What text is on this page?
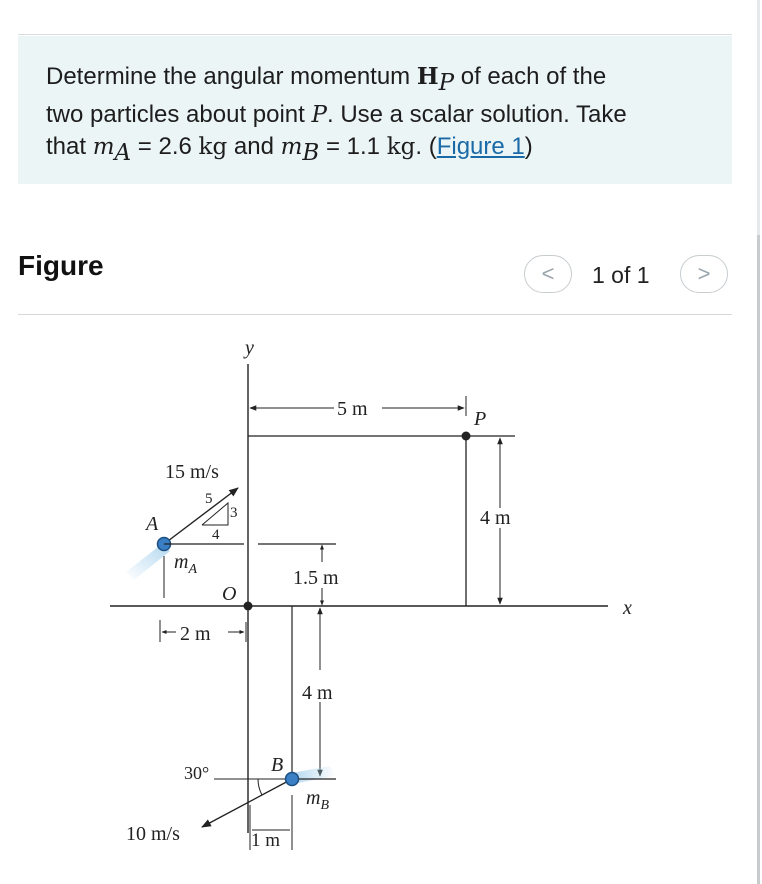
Determine the angular momentum $H_P$ of each of the
two particles about point P. Use a scalar solution. Take
that $m_A = 2.6$ kg and $m_B = 1.1$ kg. (Figure 1)
Figure	< 1 of 1 >
y
x
O
5 m	P
4 m
A
15 m/s
5
3
4
$m_A$
2 m
1.5 m
4 m
B
30°
$m_B$
10 m/s	1 m
